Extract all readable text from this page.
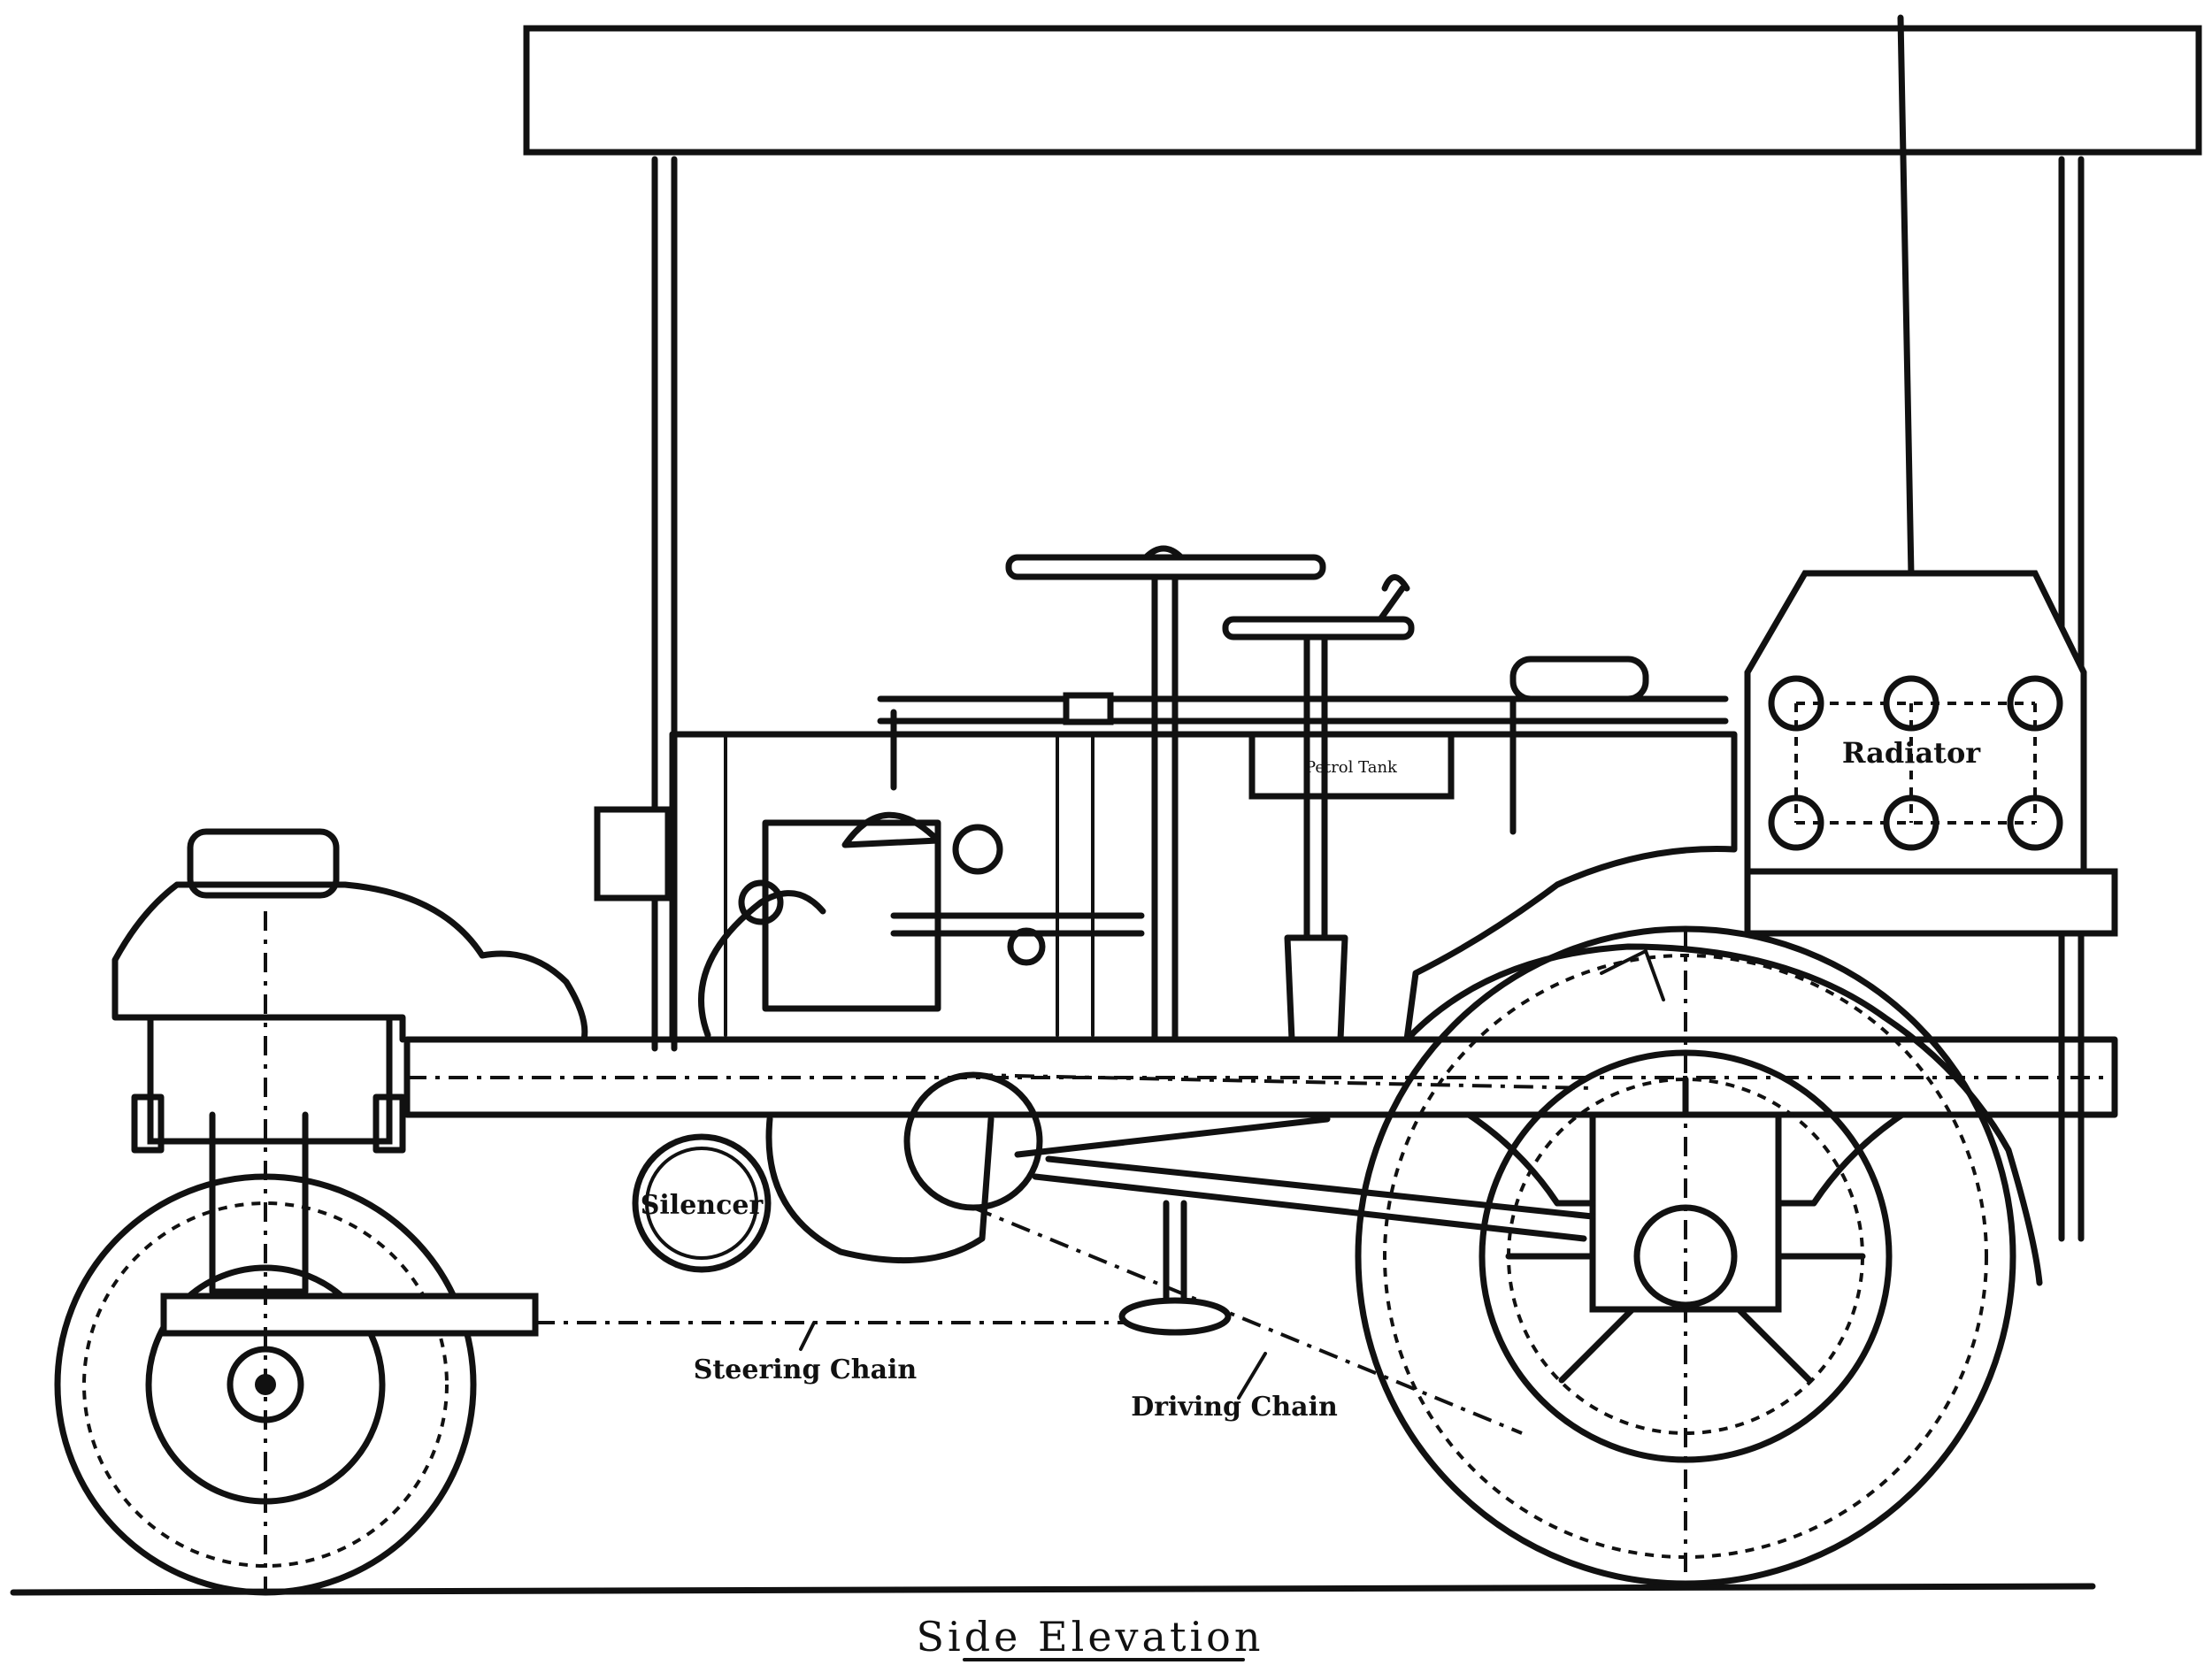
Petrol Tank	Radiator
Silencer
Steering Chain
Driving Chain
Side Elevation
